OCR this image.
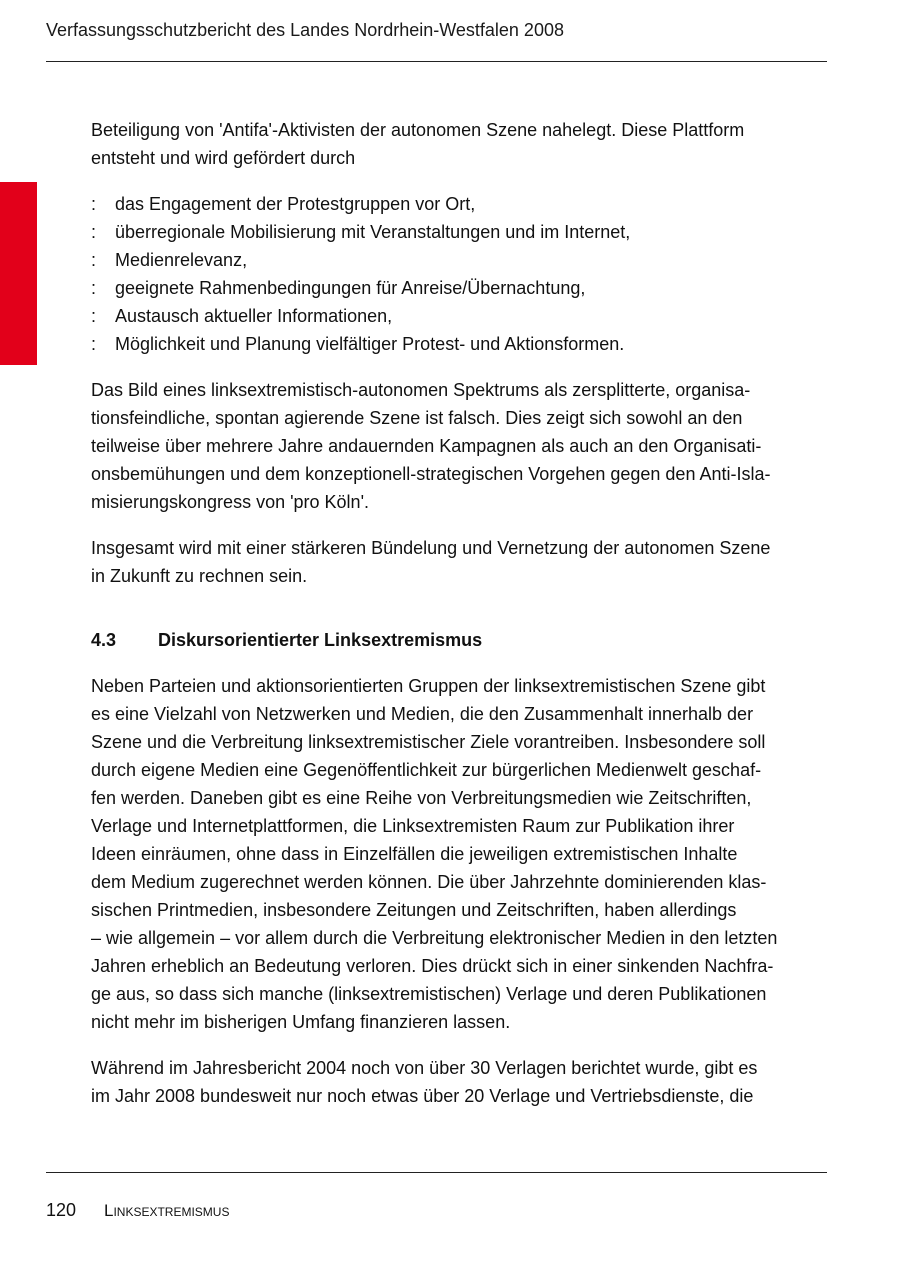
Verfassungsschutzbericht des Landes Nordrhein-Westfalen 2008

Beteiligung von 'Antifa'-Aktivisten der autonomen Szene nahelegt. Diese Plattform

entsteht und wird gefördert durch

: das Engagement der Protestgruppen vor Ort,
: überregionale Mobilisierung mit Veranstaltungen und im Internet,
: Medienrelevanz,
: geeignete Rahmenbedingungen für Anreise/Übernachtung,
: Austausch aktueller Informationen,
: Möglichkeit und Planung vielfältiger Protest- und Aktionsformen.

Das Bild eines linksextremistisch-autonomen Spektrums als zersplitterte, organisa-

tionsfeindliche, spontan agierende Szene ist falsch. Dies zeigt sich sowohl an den

teilweise über mehrere Jahre andauernden Kampagnen als auch an den Organisati-

onsbemühungen und dem konzeptionell-strategischen Vorgehen gegen den Anti-Isla-

misierungskongress von 'pro Köln'.

Insgesamt wird mit einer stärkeren Bündelung und Vernetzung der autonomen Szene

in Zukunft zu rechnen sein.

4.3 Diskursorientierter Linksextremismus

Neben Parteien und aktionsorientierten Gruppen der linksextremistischen Szene gibt

es eine Vielzahl von Netzwerken und Medien, die den Zusammenhalt innerhalb der

Szene und die Verbreitung linksextremistischer Ziele vorantreiben. Insbesondere soll

durch eigene Medien eine Gegenöffentlichkeit zur bürgerlichen Medienwelt geschaf-

fen werden. Daneben gibt es eine Reihe von Verbreitungsmedien wie Zeitschriften,

Verlage und Internetplattformen, die Linksextremisten Raum zur Publikation ihrer

Ideen einräumen, ohne dass in Einzelfällen die jeweiligen extremistischen Inhalte

dem Medium zugerechnet werden können. Die über Jahrzehnte dominierenden klas-

sischen Printmedien, insbesondere Zeitungen und Zeitschriften, haben allerdings

– wie allgemein – vor allem durch die Verbreitung elektronischer Medien in den letzten

Jahren erheblich an Bedeutung verloren. Dies drückt sich in einer sinkenden Nachfra-

ge aus, so dass sich manche (linksextremistischen) Verlage und deren Publikationen

nicht mehr im bisherigen Umfang finanzieren lassen.

Während im Jahresbericht 2004 noch von über 30 Verlagen berichtet wurde, gibt es

im Jahr 2008 bundesweit nur noch etwas über 20 Verlage und Vertriebsdienste, die

120 Linksextremismus
